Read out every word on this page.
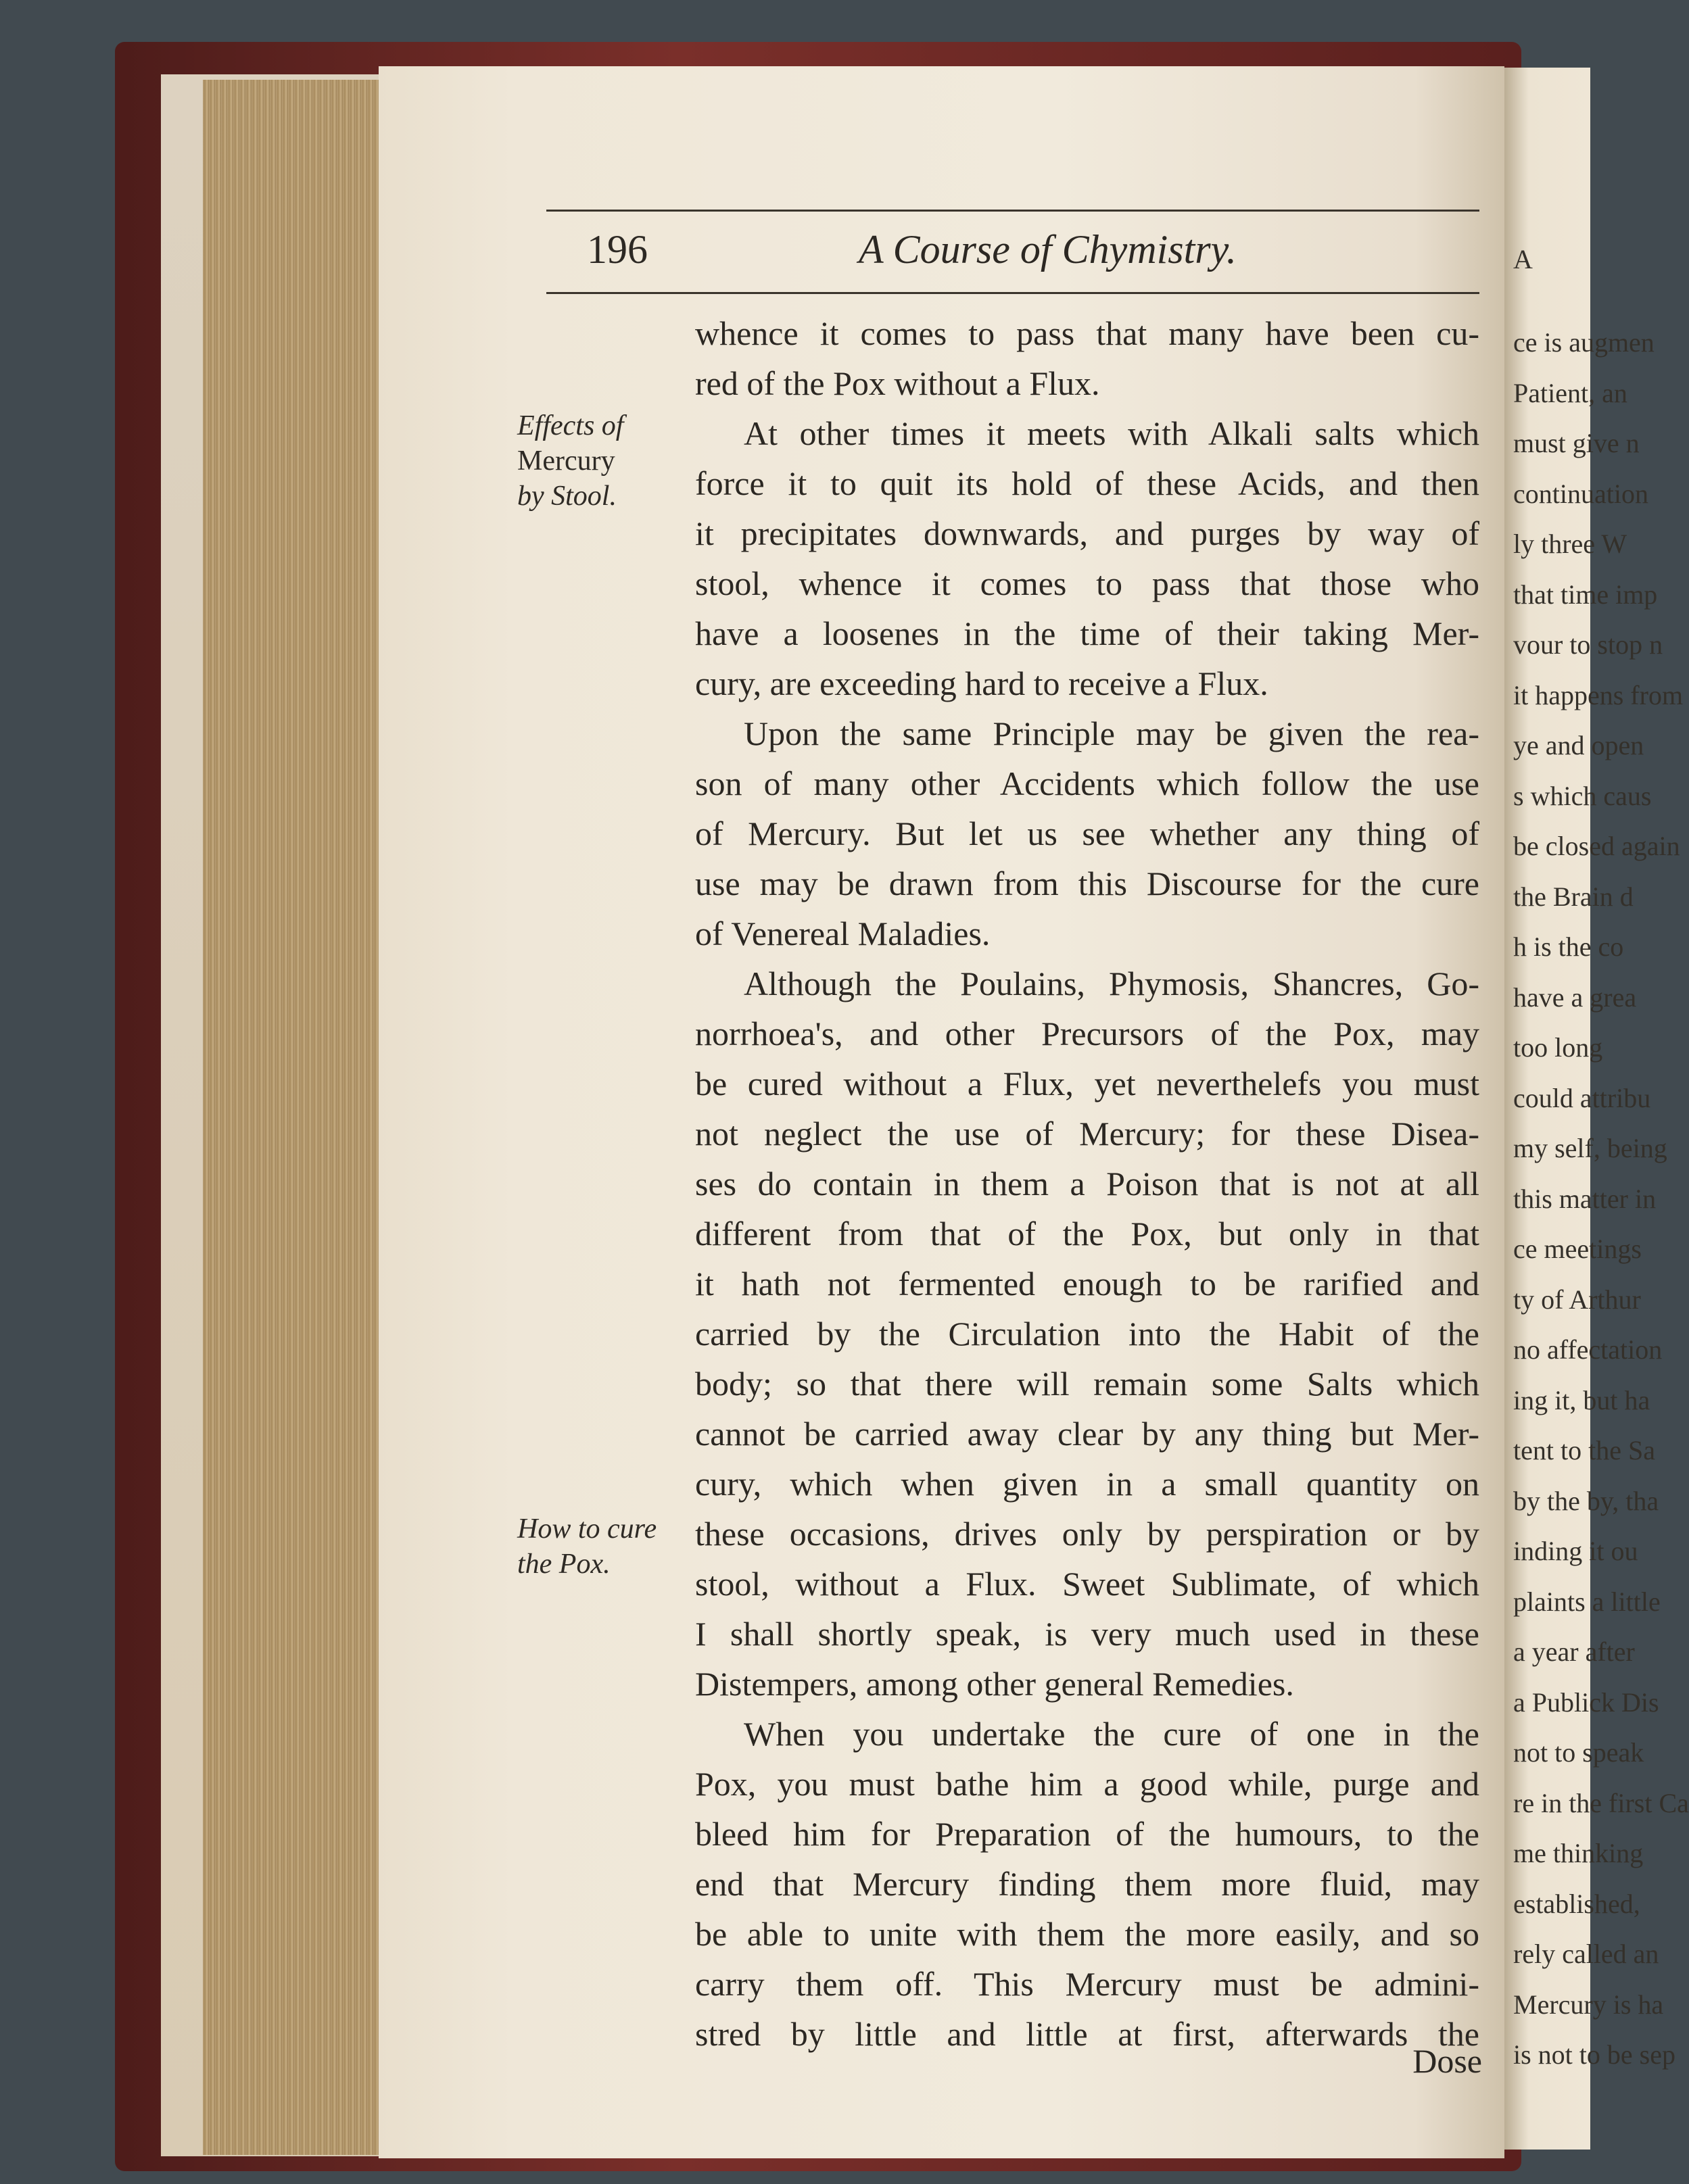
A
ce is augmen
Patient, an
must give n
continuation
ly three W
that time imp
vour to stop n
it happens from
ye and open
s which caus
be closed again
the Brain d
h is the co
have a grea
too long
could attribu
my self, being
this matter in
ce meetings
ty of Arthur
no affectation
ing it, but ha
tent to the Sa
by the by, tha
inding it ou
plaints a little
a year after
a Publick Dis
not to speak
re in the first Ca
me thinking
established,
rely called an
Mercury is ha
is not to be sep
196	A Course of Chymistry.
whence it comes to pass that many have been cu-
red of the Pox without a Flux.
At other times it meets with Alkali salts which
force it to quit its hold of these Acids, and then
it precipitates downwards, and purges by way of
stool, whence it comes to pass that those who
have a loosenes in the time of their taking Mer-
cury, are exceeding hard to receive a Flux.
Upon the same Principle may be given the rea-
son of many other Accidents which follow the use
of Mercury. But let us see whether any thing of
use may be drawn from this Discourse for the cure
of Venereal Maladies.
Although the Poulains, Phymosis, Shancres, Go-
norrhoea's, and other Precursors of the Pox, may
be cured without a Flux, yet neverthelefs you must
not neglect the use of Mercury; for these Disea-
ses do contain in them a Poison that is not at all
different from that of the Pox, but only in that
it hath not fermented enough to be rarified and
carried by the Circulation into the Habit of the
body; so that there will remain some Salts which
cannot be carried away clear by any thing but Mer-
cury, which when given in a small quantity on
these occasions, drives only by perspiration or by
stool, without a Flux. Sweet Sublimate, of which
I shall shortly speak, is very much used in these
Distempers, among other general Remedies.
When you undertake the cure of one in the
Pox, you must bathe him a good while, purge and
bleed him for Preparation of the humours, to the
end that Mercury finding them more fluid, may
be able to unite with them the more easily, and so
carry them off. This Mercury must be admini-
stred by little and little at first, afterwards the
Effects of
Mercury
by Stool.
How to cure
the Pox.
Dose
